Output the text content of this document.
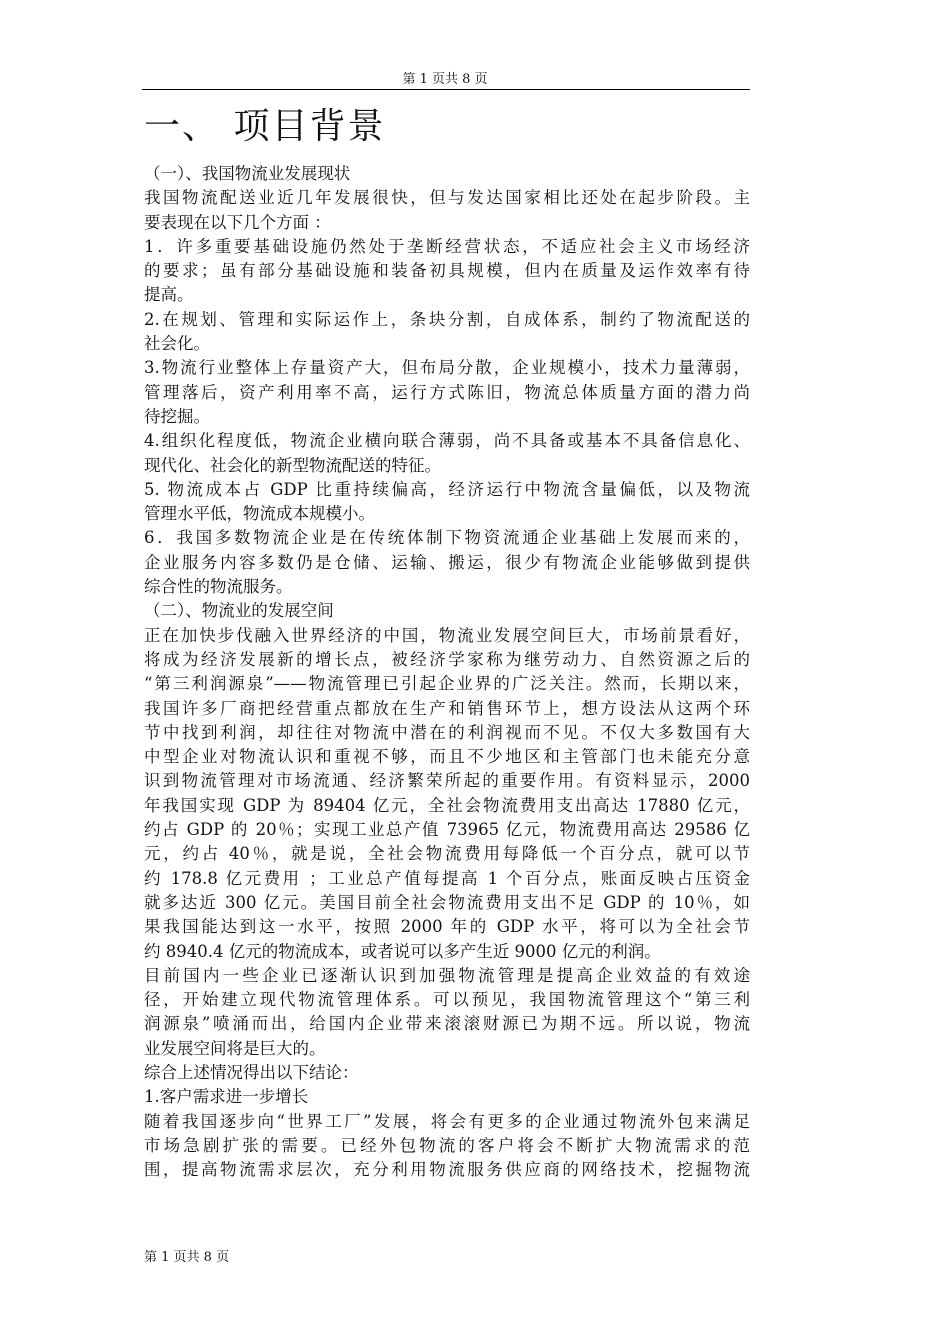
第 1 页共 8 页
一、 项目背景
（一）、我国物流业发展现状
我国物流配送业近几年发展很快，但与发达国家相比还处在起步阶段。主
要表现在以下几个方面 ：
1．许多重要基础设施仍然处于垄断经营状态，不适应社会主义市场经济
的要求；虽有部分基础设施和装备初具规模，但内在质量及运作效率有待
提高。
2.在规划、管理和实际运作上，条块分割，自成体系，制约了物流配送的
社会化。
3.物流行业整体上存量资产大，但布局分散，企业规模小，技术力量薄弱，
管理落后，资产利用率不高，运行方式陈旧，物流总体质量方面的潜力尚
待挖掘。
4.组织化程度低，物流企业横向联合薄弱，尚不具备或基本不具备信息化、
现代化、社会化的新型物流配送的特征。
5. 物流成本占 GDP 比重持续偏高，经济运行中物流含量偏低，以及物流
管理水平低，物流成本规模小。
6．我国多数物流企业是在传统体制下物资流通企业基础上发展而来的，
企业服务内容多数仍是仓储、运输、搬运，很少有物流企业能够做到提供
综合性的物流服务。
（二）、物流业的发展空间
正在加快步伐融入世界经济的中国，物流业发展空间巨大，市场前景看好，
将成为经济发展新的增长点，被经济学家称为继劳动力、自然资源之后的
“第三利润源泉”——物流管理已引起企业界的广泛关注。然而，长期以来，
我国许多厂商把经营重点都放在生产和销售环节上，想方设法从这两个环
节中找到利润，却往往对物流中潜在的利润视而不见。不仅大多数国有大
中型企业对物流认识和重视不够，而且不少地区和主管部门也未能充分意
识到物流管理对市场流通、经济繁荣所起的重要作用。有资料显示，2000
年我国实现 GDP 为 89404 亿元，全社会物流费用支出高达 17880 亿元，
约占 GDP 的 20％；实现工业总产值 73965 亿元，物流费用高达 29586 亿
元，约占 40％，就是说，全社会物流费用每降低一个百分点，就可以节
约 178.8 亿元费用 ；工业总产值每提高 1 个百分点，账面反映占压资金
就多达近 300 亿元。美国目前全社会物流费用支出不足 GDP 的 10％，如
果我国能达到这一水平，按照 2000 年的 GDP 水平，将可以为全社会节
约 8940.4 亿元的物流成本，或者说可以多产生近 9000 亿元的利润。
目前国内一些企业已逐渐认识到加强物流管理是提高企业效益的有效途
径，开始建立现代物流管理体系。可以预见，我国物流管理这个“第三利
润源泉”喷涌而出，给国内企业带来滚滚财源已为期不远。所以说，物流
业发展空间将是巨大的。
综合上述情况得出以下结论：
1.客户需求进一步增长
随着我国逐步向“世界工厂”发展，将会有更多的企业通过物流外包来满足
市场急剧扩张的需要。已经外包物流的客户将会不断扩大物流需求的范
围，提高物流需求层次，充分利用物流服务供应商的网络技术，挖掘物流
第 1 页共 8 页
